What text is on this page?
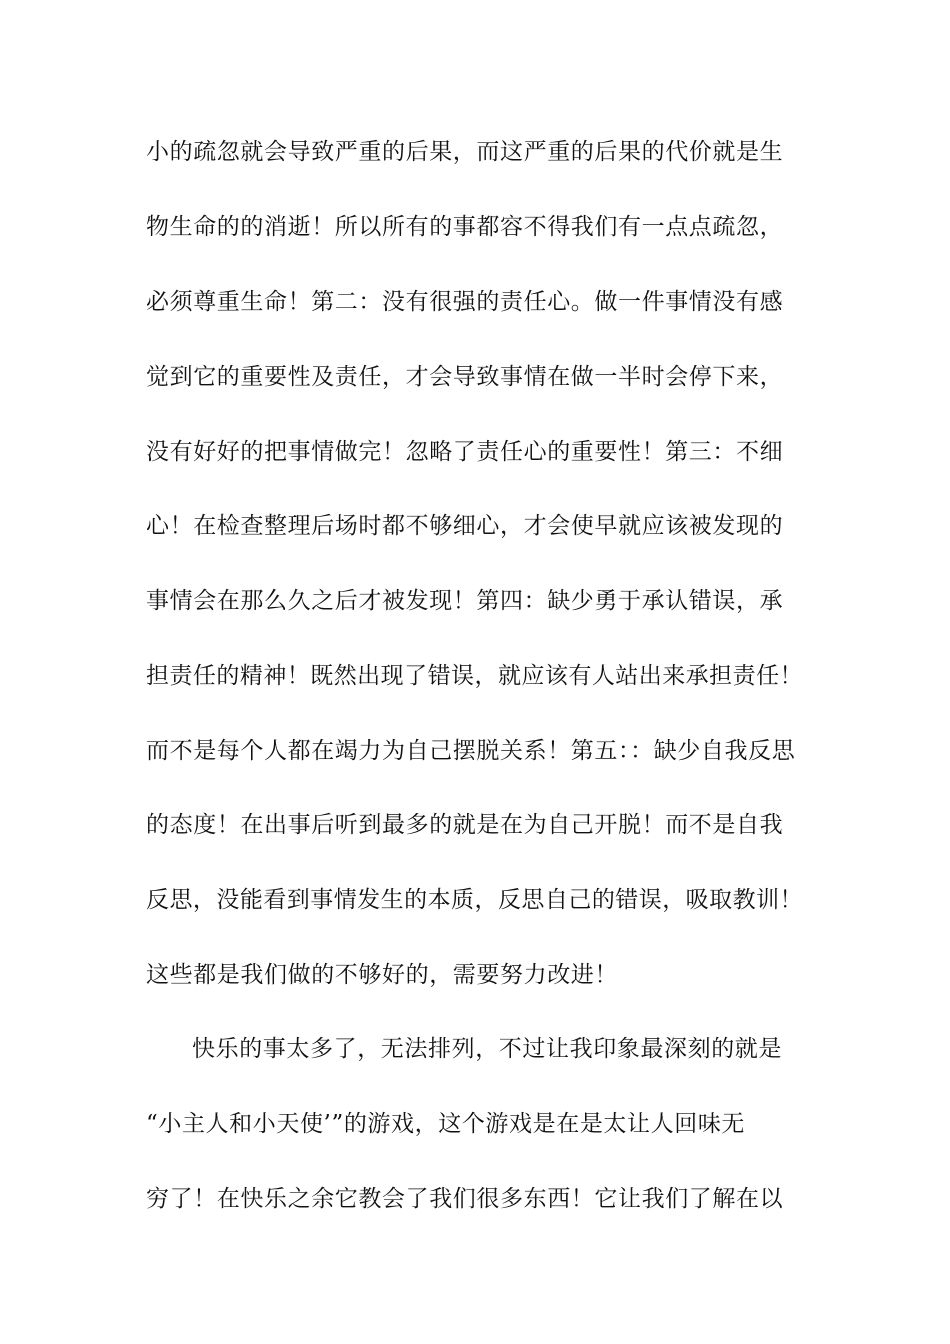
小的疏忽就会导致严重的后果，而这严重的后果的代价就是生
物生命的的消逝！所以所有的事都容不得我们有一点点疏忽，
必须尊重生命！第二：没有很强的责任心。做一件事情没有感
觉到它的重要性及责任，才会导致事情在做一半时会停下来，
没有好好的把事情做完！忽略了责任心的重要性！第三：不细
心！在检查整理后场时都不够细心，才会使早就应该被发现的
事情会在那么久之后才被发现！第四：缺少勇于承认错误，承
担责任的精神！既然出现了错误，就应该有人站出来承担责任！
而不是每个人都在竭力为自己摆脱关系！第五：：缺少自我反思
的态度！在出事后听到最多的就是在为自己开脱！而不是自我
反思，没能看到事情发生的本质，反思自己的错误，吸取教训！
这些都是我们做的不够好的，需要努力改进！
快乐的事太多了，无法排列，不过让我印象最深刻的就是
“小主人和小天使’”的游戏，这个游戏是在是太让人回味无
穷了！在快乐之余它教会了我们很多东西！它让我们了解在以
